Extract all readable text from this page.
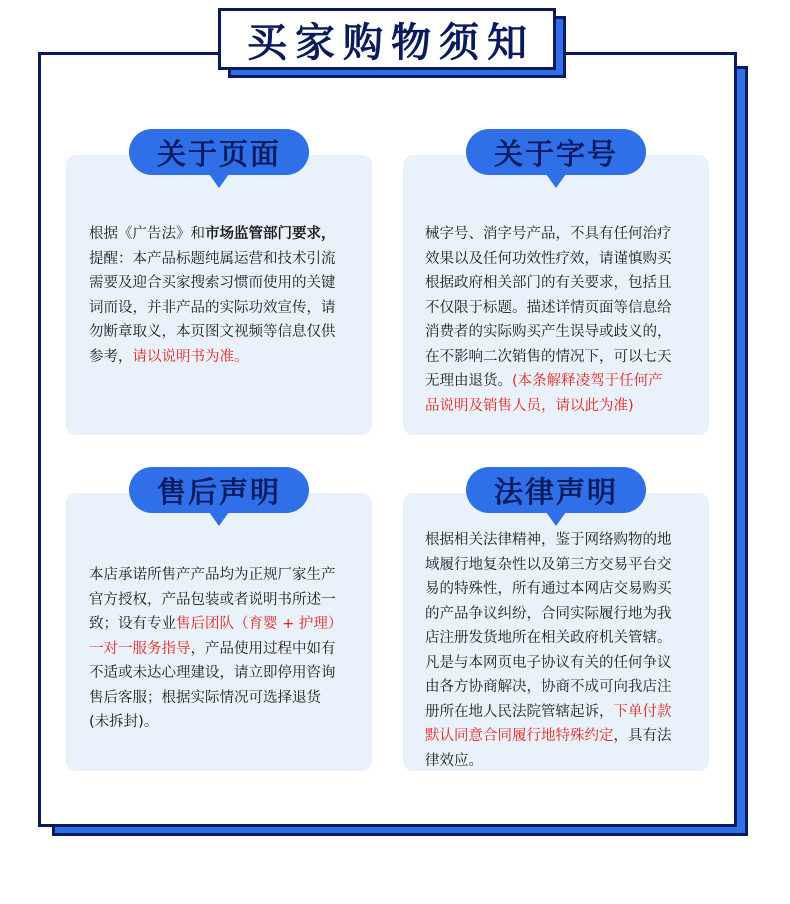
买家购物须知
关于页面
根据《广告法》和市场监管部门要求，
提醒：本产品标题纯属运营和技术引流
需要及迎合买家搜索习惯而使用的关键
词而设，并非产品的实际功效宣传，请
勿断章取义，本页图文视频等信息仅供
参考，请以说明书为准。
关于字号
械字号、消字号产品，不具有任何治疗
效果以及任何功效性疗效，请谨慎购买
根据政府相关部门的有关要求，包括且
不仅限于标题。描述详情页面等信息给
消费者的实际购买产生误导或歧义的，
在不影响二次销售的情况下，可以七天
无理由退货。(本条解释凌驾于任何产
品说明及销售人员，请以此为准)
售后声明
本店承诺所售产产品均为正规厂家生产
官方授权，产品包装或者说明书所述一
致；设有专业售后团队（育婴 + 护理）
一对一服务指导，产品使用过程中如有
不适或未达心理建设，请立即停用咨询
售后客服；根据实际情况可选择退货
(未拆封)。
法律声明
根据相关法律精神，鉴于网络购物的地
域履行地复杂性以及第三方交易平台交
易的特殊性，所有通过本网店交易购买
的产品争议纠纷，合同实际履行地为我
店注册发货地所在相关政府机关管辖。
凡是与本网页电子协议有关的任何争议
由各方协商解决，协商不成可向我店注
册所在地人民法院管辖起诉，下单付款
默认同意合同履行地特殊约定，具有法
律效应。
